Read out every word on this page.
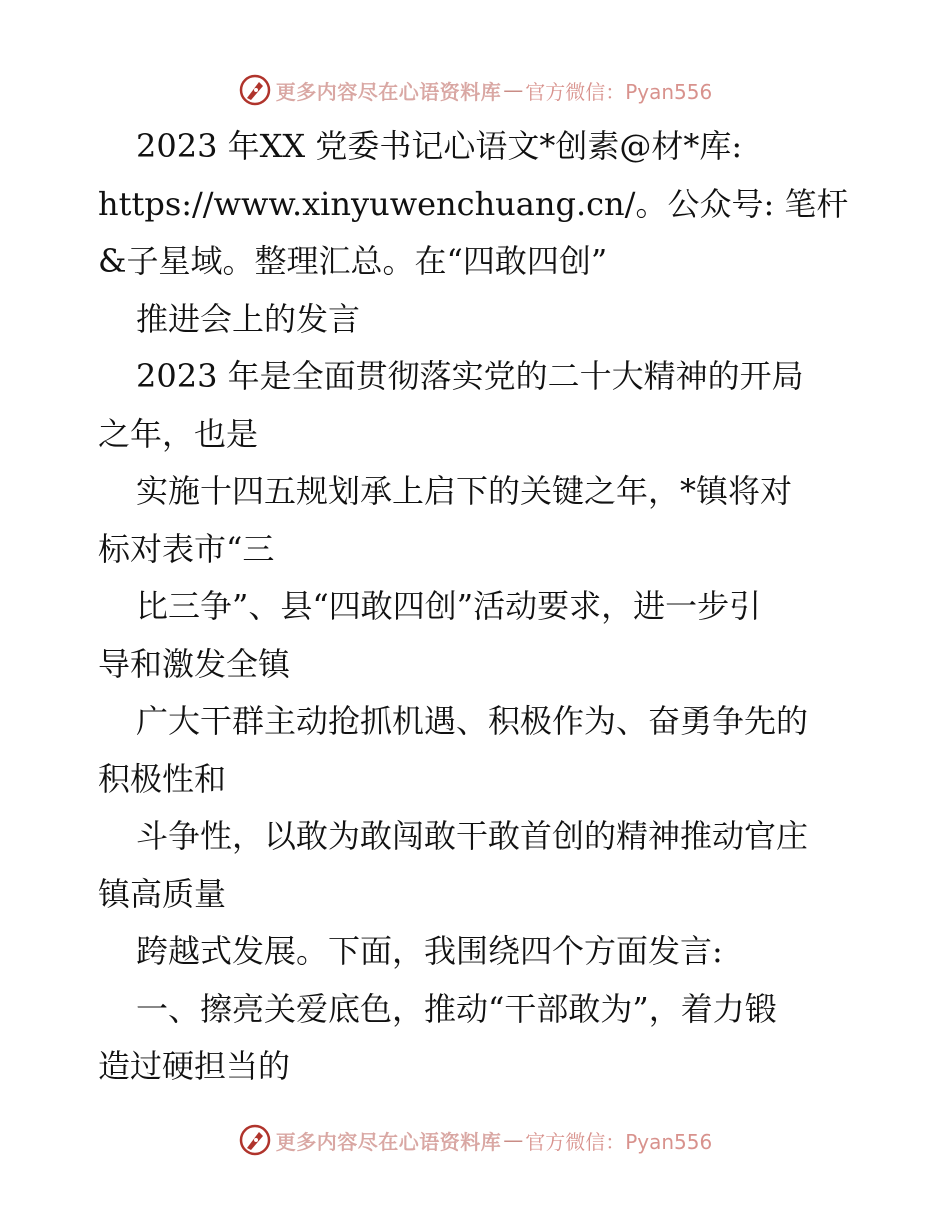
更多内容尽在心语资料库 — 官方微信：Pyan556
2023 年XX 党委书记心语文*创素@材*库:
https://www.xinyuwenchuang.cn/。公众号: 笔杆
&子星域。整理汇总。在“四敢四创”
推进会上的发言
2023 年是全面贯彻落实党的二十大精神的开局
之年，也是
实施十四五规划承上启下的关键之年，*镇将对
标对表市“三
比三争”、县“四敢四创”活动要求，进一步引
导和激发全镇
广大干群主动抢抓机遇、积极作为、奋勇争先的
积极性和
斗争性，以敢为敢闯敢干敢首创的精神推动官庄
镇高质量
跨越式发展。下面，我围绕四个方面发言:
一、擦亮关爱底色，推动“干部敢为”，着力锻
造过硬担当的
更多内容尽在心语资料库 — 官方微信：Pyan556
